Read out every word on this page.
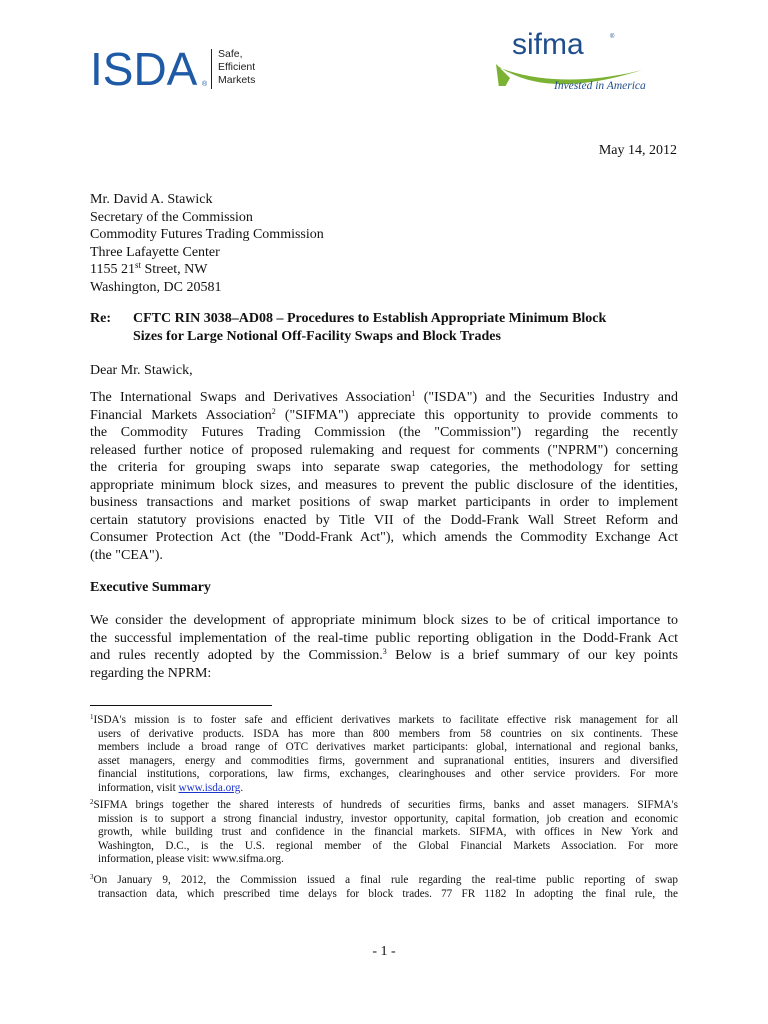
ISDA ®
Safe,
Efficient
Markets
sifma	®
Invested in America
May 14, 2012
Mr. David A. Stawick
Secretary of the Commission
Commodity Futures Trading Commission
Three Lafayette Center
1155 21st Street, NW
Washington, DC 20581
Re: CFTC RIN 3038–AD08 – Procedures to Establish Appropriate Minimum Block
Sizes for Large Notional Off-Facility Swaps and Block Trades
Dear Mr. Stawick,
The International Swaps and Derivatives Association$^1$ ("ISDA") and the Securities Industry and
Financial Markets Association$^2$ ("SIFMA") appreciate this opportunity to provide comments to
the Commodity Futures Trading Commission (the "Commission") regarding the recently
released further notice of proposed rulemaking and request for comments ("NPRM") concerning
the criteria for grouping swaps into separate swap categories, the methodology for setting
appropriate minimum block sizes, and measures to prevent the public disclosure of the identities,
business transactions and market positions of swap market participants in order to implement
certain statutory provisions enacted by Title VII of the Dodd-Frank Wall Street Reform and
Consumer Protection Act (the "Dodd-Frank Act"), which amends the Commodity Exchange Act
(the "CEA").
Executive Summary
We consider the development of appropriate minimum block sizes to be of critical importance to
the successful implementation of the real-time public reporting obligation in the Dodd-Frank Act
and rules recently adopted by the Commission.$^3$ Below is a brief summary of our key points
regarding the NPRM:
$^1$ISDA's mission is to foster safe and efficient derivatives markets to facilitate effective risk management for all
users of derivative products. ISDA has more than 800 members from 58 countries on six continents. These
members include a broad range of OTC derivatives market participants: global, international and regional banks,
asset managers, energy and commodities firms, government and supranational entities, insurers and diversified
financial institutions, corporations, law firms, exchanges, clearinghouses and other service providers. For more
information, visit www.isda.org.
$^2$SIFMA brings together the shared interests of hundreds of securities firms, banks and asset managers. SIFMA's
mission is to support a strong financial industry, investor opportunity, capital formation, job creation and economic
growth, while building trust and confidence in the financial markets. SIFMA, with offices in New York and
Washington, D.C., is the U.S. regional member of the Global Financial Markets Association. For more
information, please visit: www.sifma.org.
$^3$On January 9, 2012, the Commission issued a final rule regarding the real-time public reporting of swap
transaction data, which prescribed time delays for block trades. 77 FR 1182 In adopting the final rule, the
- 1 -
